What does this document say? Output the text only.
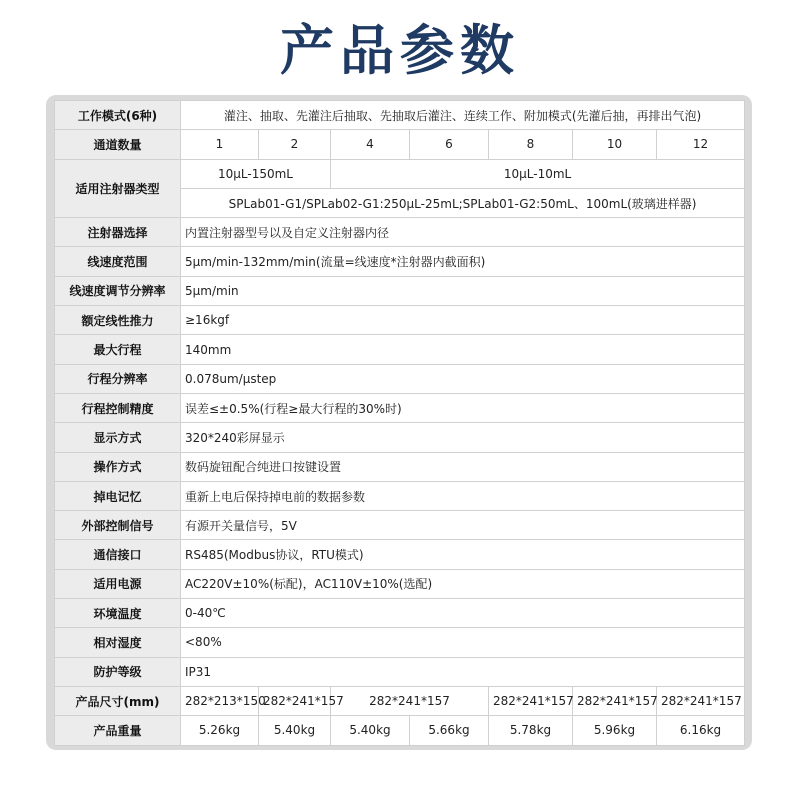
产品参数
工作模式(6种)	灌注、抽取、先灌注后抽取、先抽取后灌注、连续工作、附加模式(先灌后抽，再排出气泡)						
通道数量	1	2	4	6	8	10	12
适用注射器类型	10μL-150mL		10μL-10mL				
	SPLab01-G1/SPLab02-G1:250μL-25mL;SPLab01-G2:50mL、100mL(玻璃进样器)						
注射器选择	内置注射器型号以及自定义注射器内径						
线速度范围	5μm/min-132mm/min(流量=线速度*注射器内截面积)						
线速度调节分辨率	5μm/min						
额定线性推力	≥16kgf						
最大行程	140mm						
行程分辨率	0.078um/μstep						
行程控制精度	误差≤±0.5%(行程≥最大行程的30%时)						
显示方式	320*240彩屏显示						
操作方式	数码旋钮配合纯进口按键设置						
掉电记忆	重新上电后保持掉电前的数据参数						
外部控制信号	有源开关量信号，5V						
通信接口	RS485(Modbus协议，RTU模式)						
适用电源	AC220V±10%(标配)，AC110V±10%(选配)						
环境温度	0-40℃						
相对湿度	<80%						
防护等级	IP31						
产品尺寸(mm)	282*213*150	282*241*157	282*241*157		282*241*157	282*241*157	282*241*157
产品重量	5.26kg	5.40kg	5.40kg	5.66kg	5.78kg	5.96kg	6.16kg
